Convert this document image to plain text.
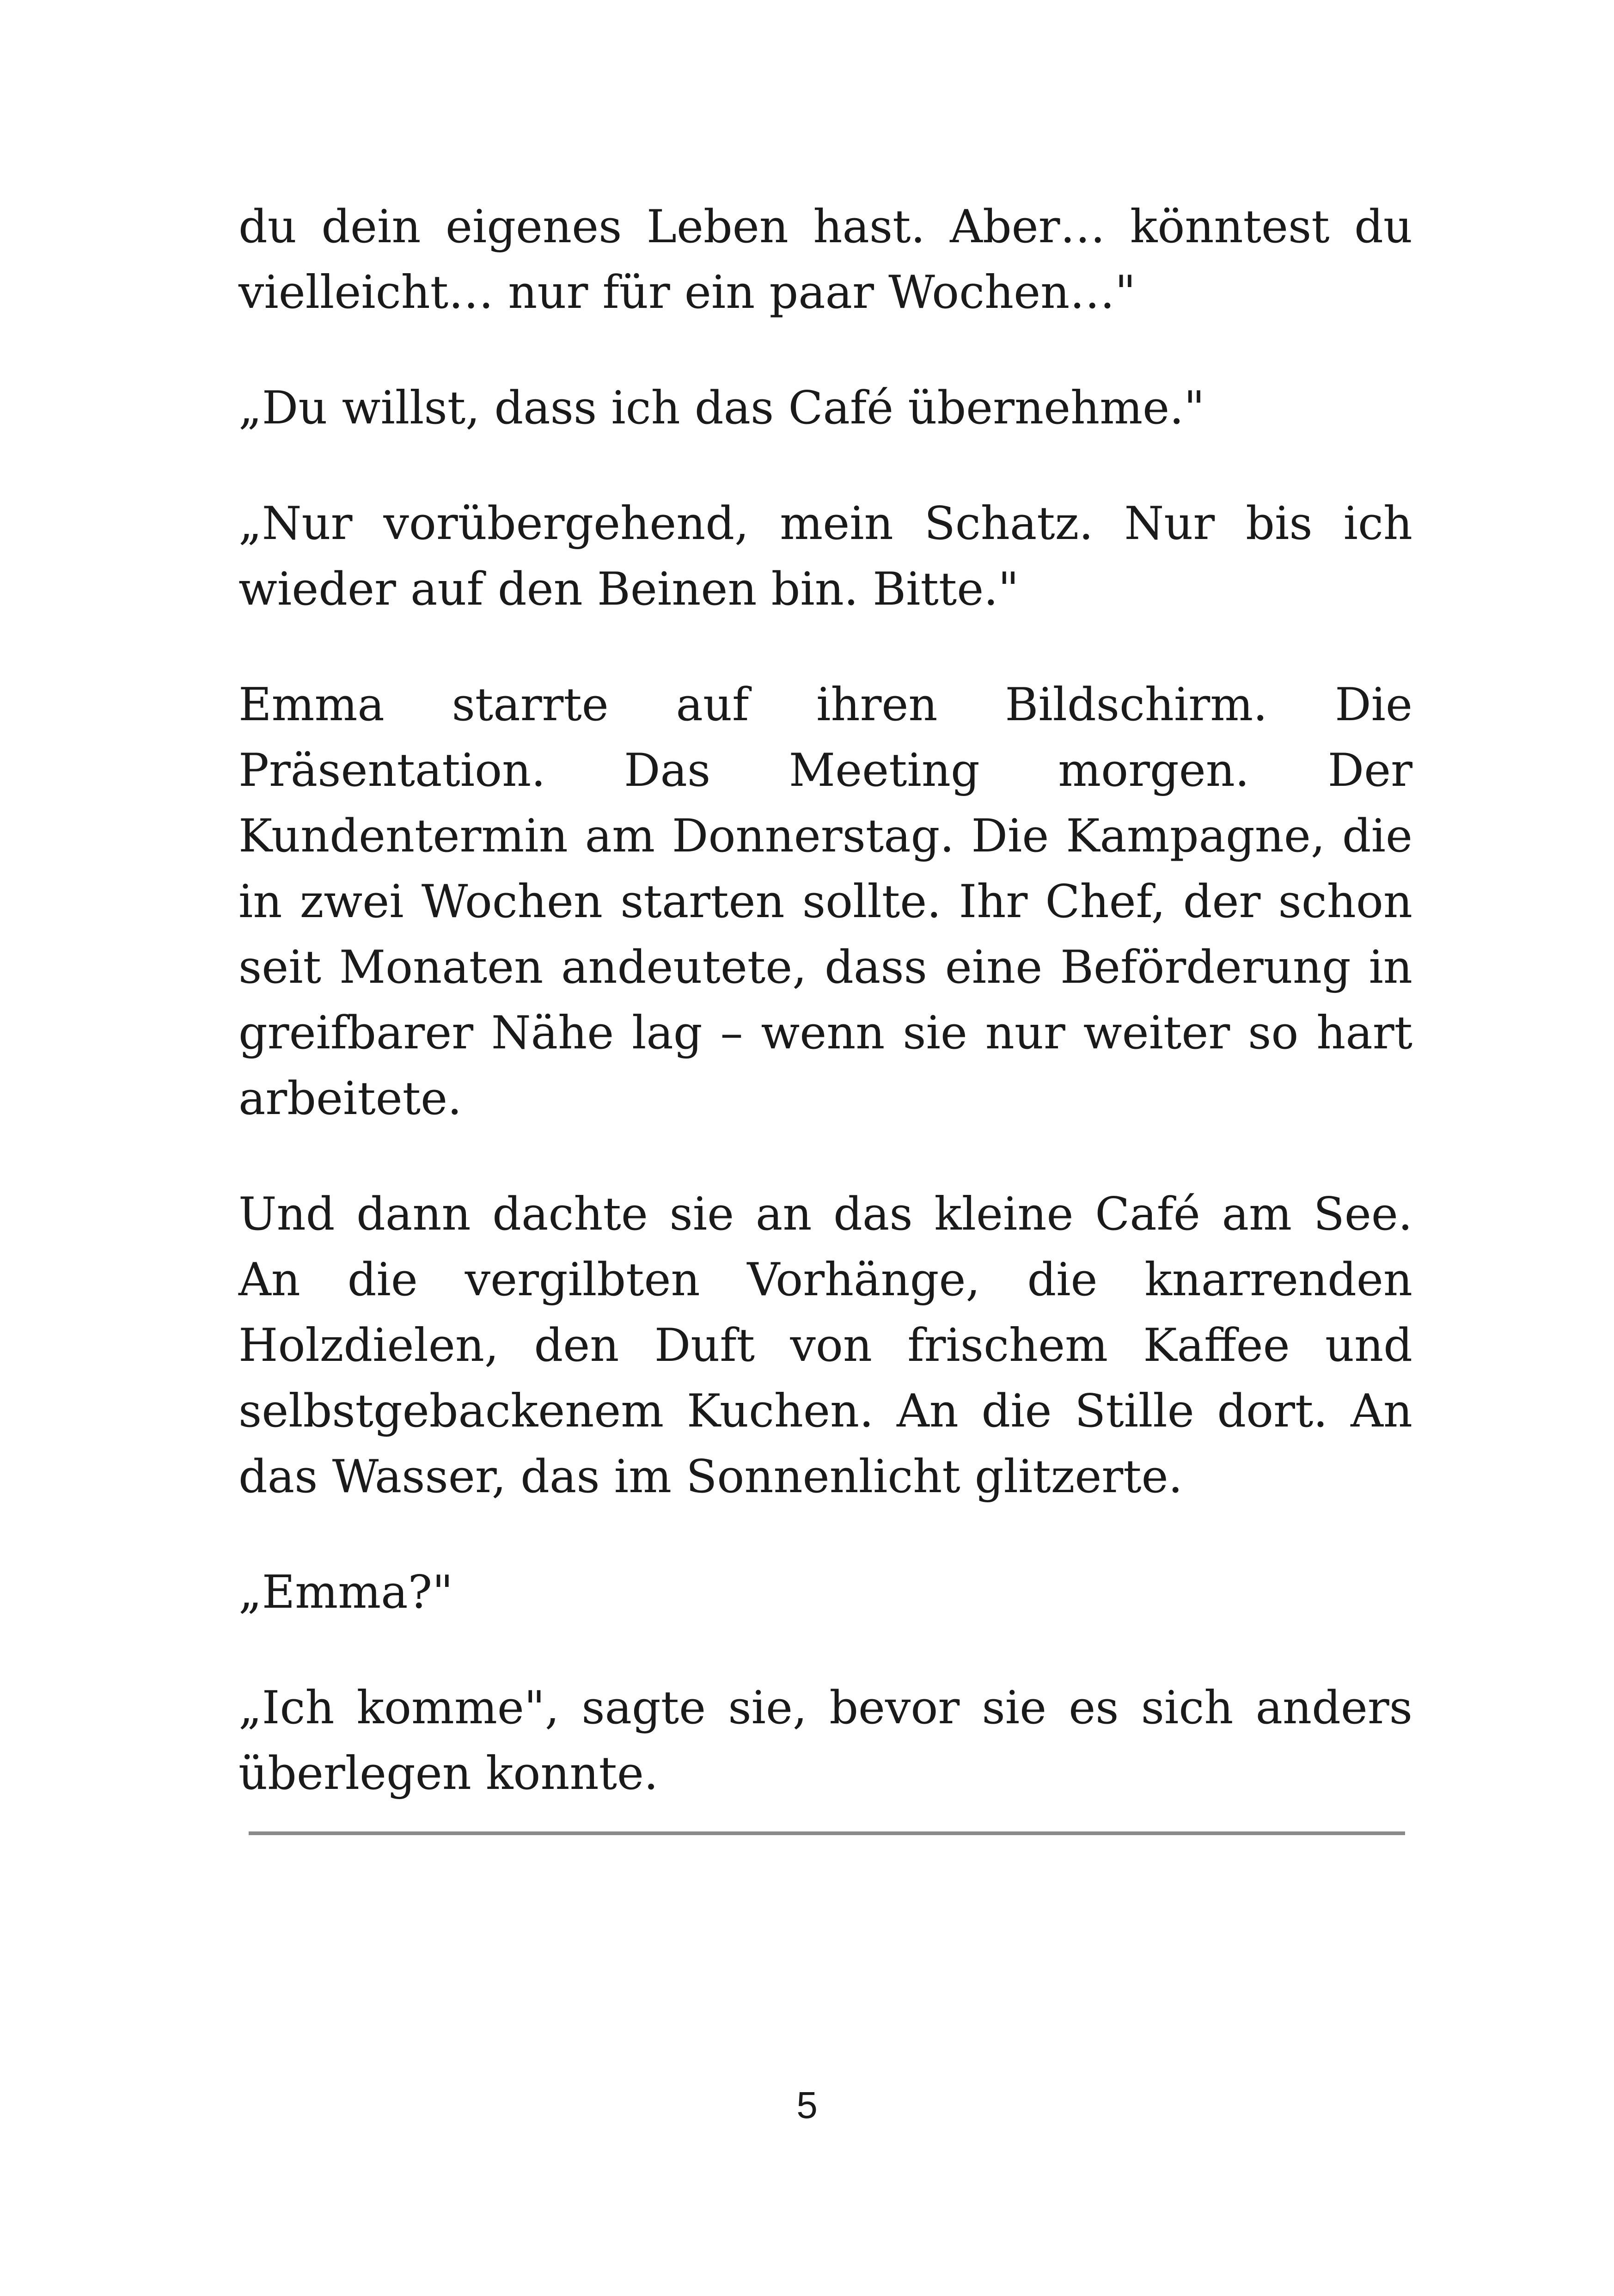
du dein eigenes Leben hast. Aber… könntest du vielleicht… nur für ein paar Wochen…"

„Du willst, dass ich das Café übernehme."

„Nur vorübergehend, mein Schatz. Nur bis ich wieder auf den Beinen bin. Bitte."

Emma starrte auf ihren Bildschirm. Die Präsentation. Das Meeting morgen. Der Kundentermin am Donnerstag. Die Kampagne, die in zwei Wochen starten sollte. Ihr Chef, der schon seit Monaten andeutete, dass eine Beförderung in greifbarer Nähe lag – wenn sie nur weiter so hart arbeitete.

Und dann dachte sie an das kleine Café am See. An die vergilbten Vorhänge, die knarrenden Holzdielen, den Duft von frischem Kaffee und selbstgebackenem Kuchen. An die Stille dort. An das Wasser, das im Sonnenlicht glitzerte.

„Emma?"

„Ich komme", sagte sie, bevor sie es sich anders überlegen konnte.

5
